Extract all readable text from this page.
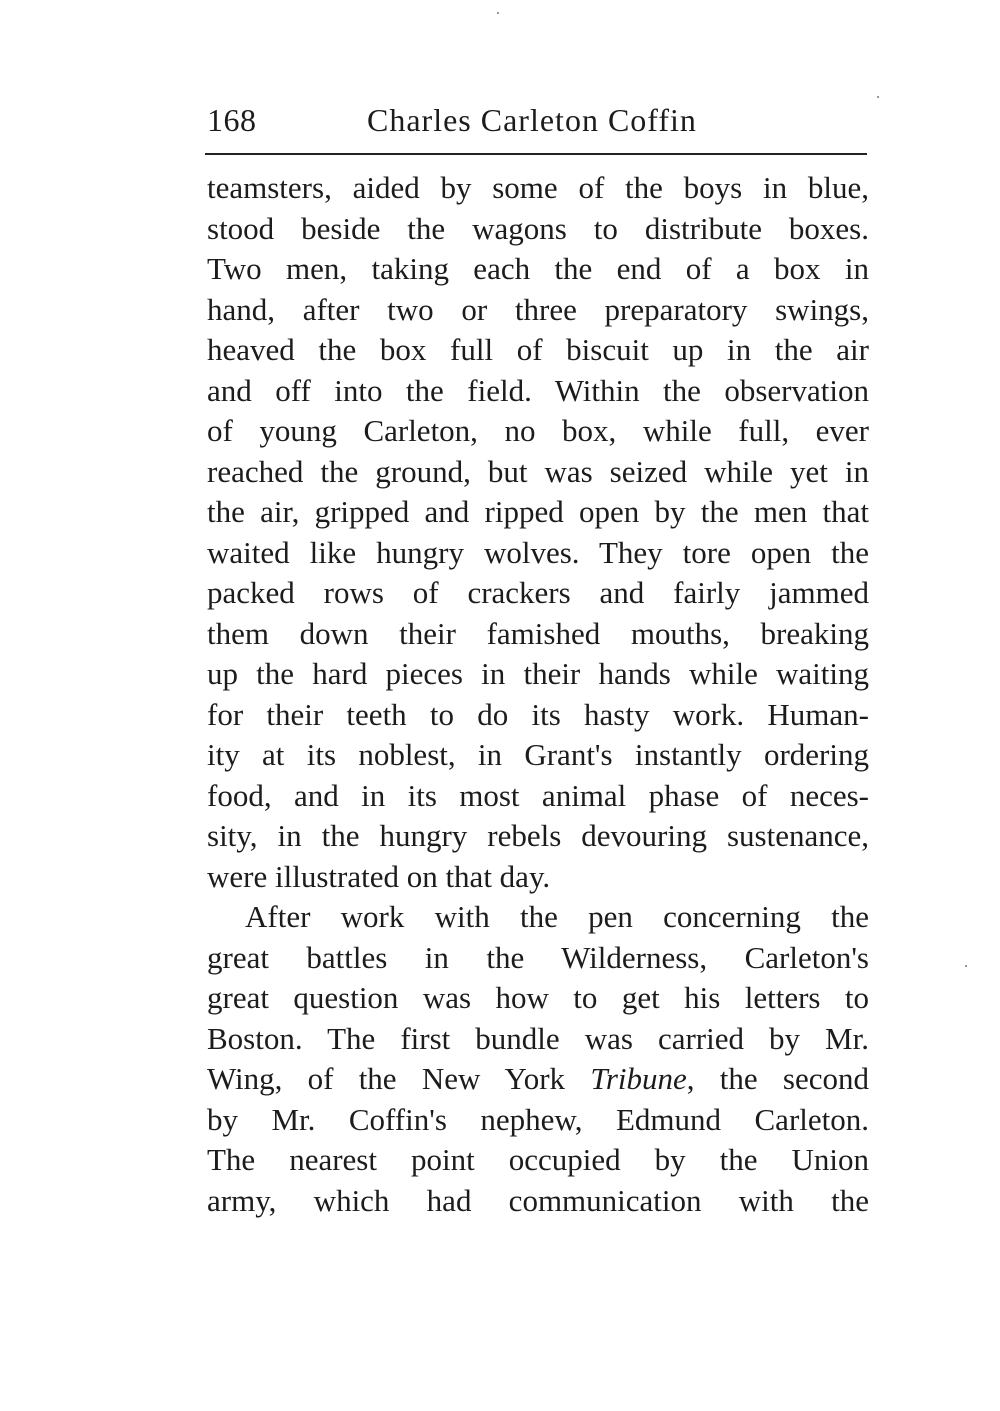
168	Charles Carleton Coffin
teamsters, aided by some of the boys in blue,
stood beside the wagons to distribute boxes.
Two men, taking each the end of a box in
hand, after two or three preparatory swings,
heaved the box full of biscuit up in the air
and off into the field. Within the observation
of young Carleton, no box, while full, ever
reached the ground, but was seized while yet in
the air, gripped and ripped open by the men that
waited like hungry wolves. They tore open the
packed rows of crackers and fairly jammed
them down their famished mouths, breaking
up the hard pieces in their hands while waiting
for their teeth to do its hasty work. Human-
ity at its noblest, in Grant's instantly ordering
food, and in its most animal phase of neces-
sity, in the hungry rebels devouring sustenance,
were illustrated on that day.
After work with the pen concerning the
great battles in the Wilderness, Carleton's
great question was how to get his letters to
Boston. The first bundle was carried by Mr.
Wing, of the New York Tribune, the second
by Mr. Coffin's nephew, Edmund Carleton.
The nearest point occupied by the Union
army, which had communication with the
